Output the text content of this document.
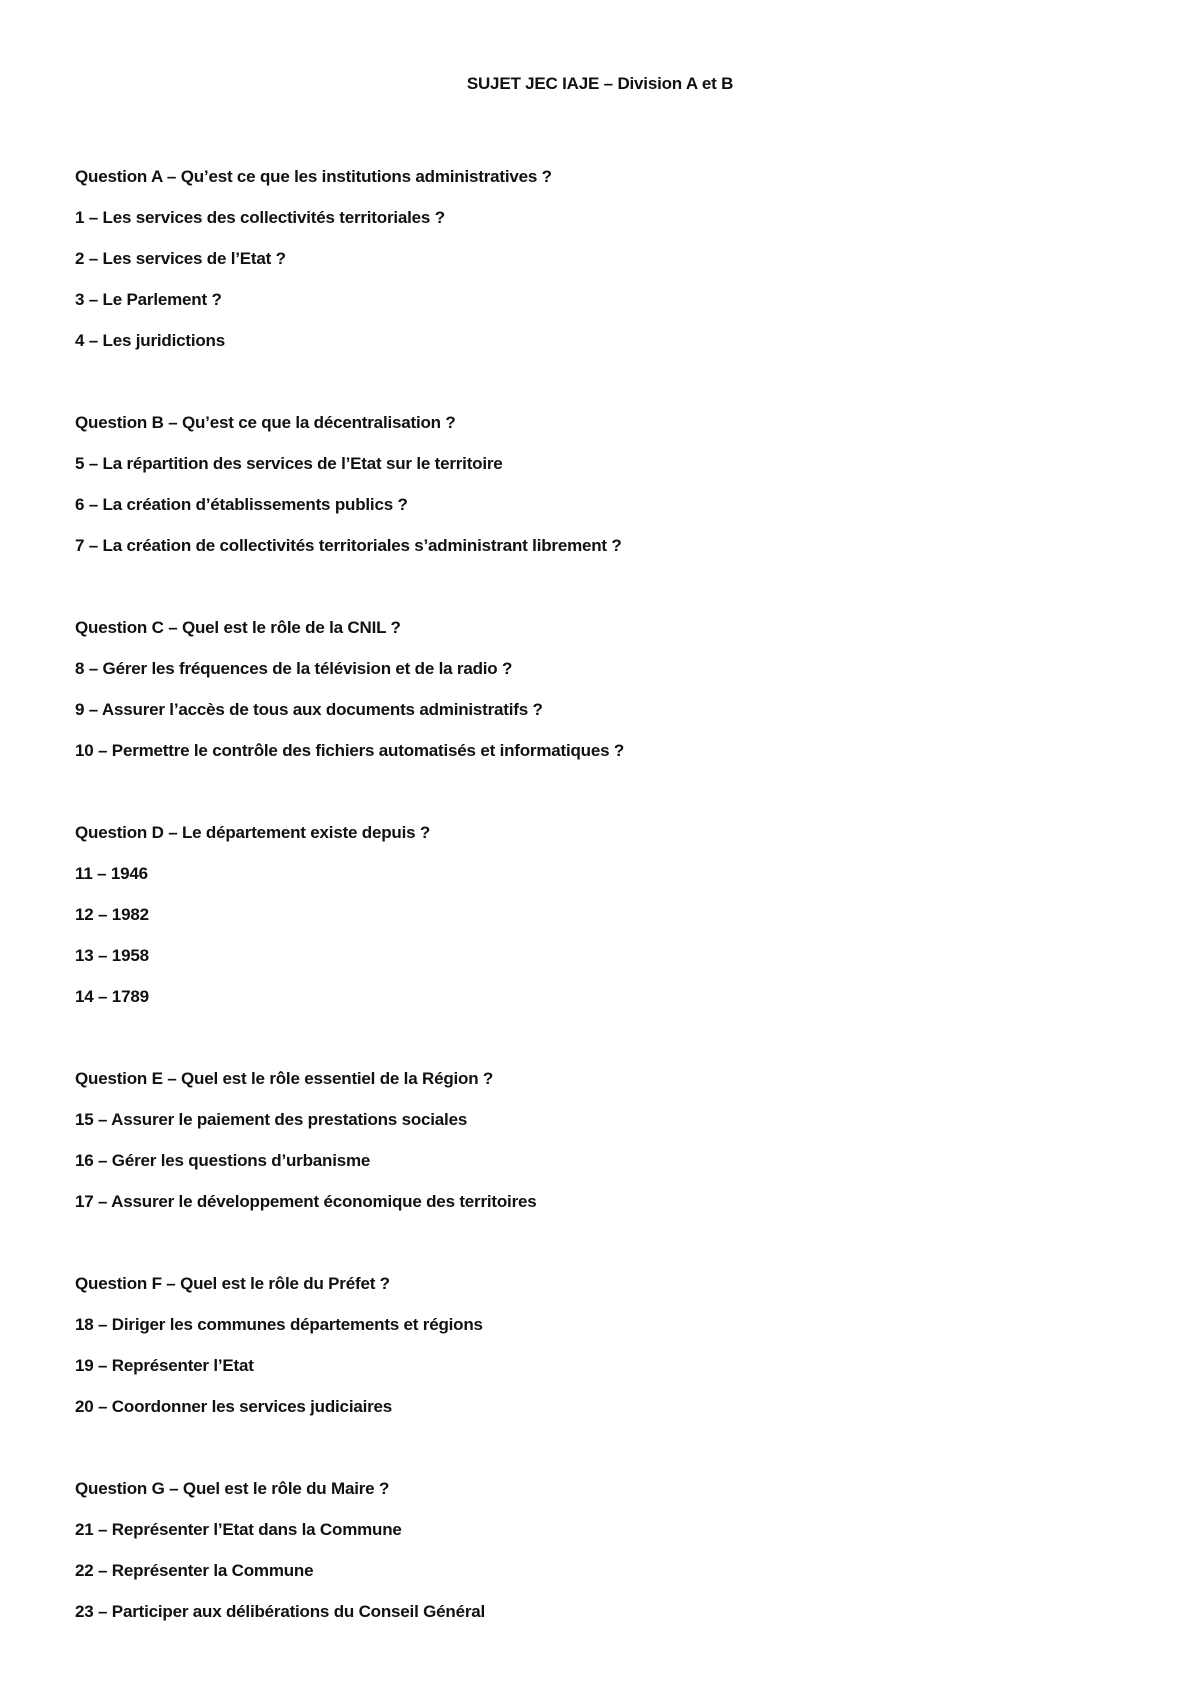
SUJET JEC IAJE – Division A et B
Question A – Qu’est ce que les institutions administratives ?
1 – Les services des collectivités territoriales ?
2 – Les services de l’Etat ?
3 – Le Parlement ?
4 – Les juridictions
Question B – Qu’est ce que la décentralisation ?
5 – La répartition des services de l’Etat sur le territoire
6 – La création d’établissements publics ?
7 – La création de collectivités territoriales s’administrant librement ?
Question C – Quel est le rôle de la CNIL ?
8 – Gérer les fréquences de la télévision et de la radio ?
9 – Assurer l’accès de tous aux documents administratifs ?
10 – Permettre le contrôle des fichiers automatisés et informatiques ?
Question D – Le département existe depuis ?
11 – 1946
12 – 1982
13 – 1958
14 – 1789
Question E – Quel est le rôle essentiel de la Région ?
15 – Assurer le paiement des prestations sociales
16 – Gérer les questions d’urbanisme
17 – Assurer le développement économique des territoires
Question F – Quel est le rôle du Préfet ?
18 – Diriger les communes départements et régions
19 – Représenter l’Etat
20 – Coordonner les services judiciaires
Question G – Quel est le rôle du Maire ?
21 – Représenter l’Etat dans la Commune
22 – Représenter la Commune
23 – Participer aux délibérations du Conseil Général
